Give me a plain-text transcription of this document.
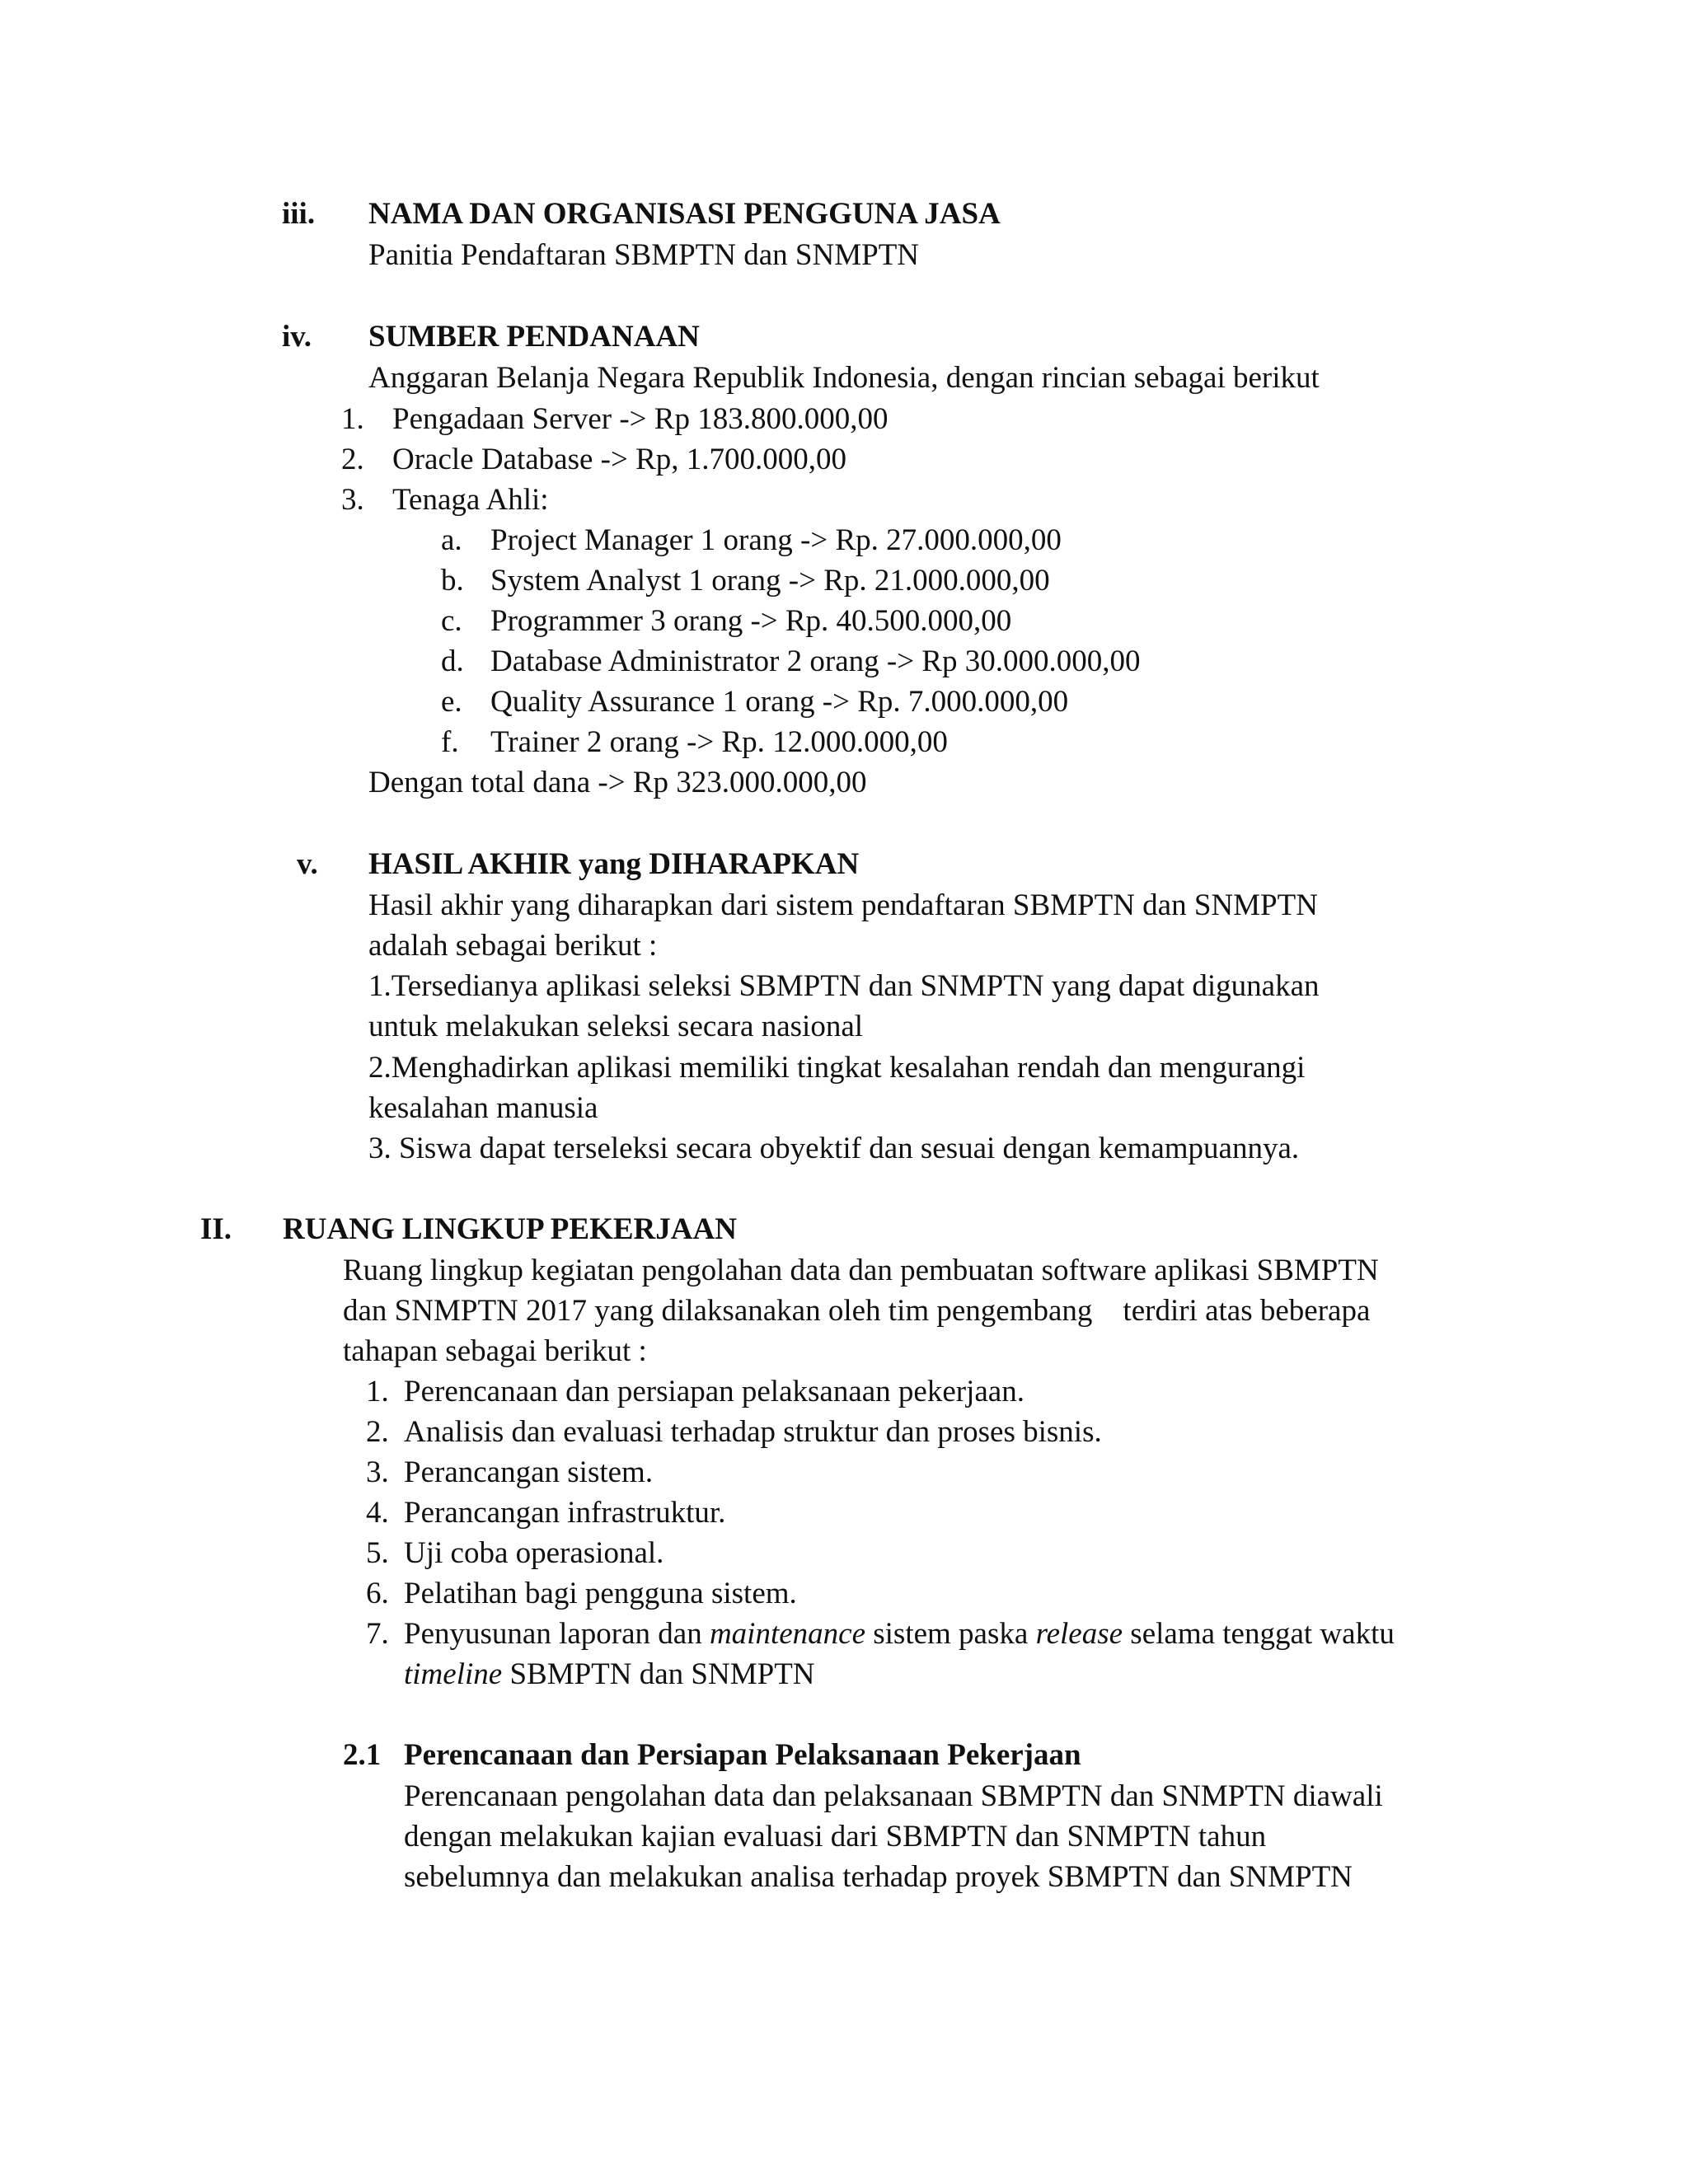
iii. NAMA DAN ORGANISASI PENGGUNA JASA
Panitia Pendaftaran SBMPTN dan SNMPTN
iv. SUMBER PENDANAAN
Anggaran Belanja Negara Republik Indonesia, dengan rincian sebagai berikut
1. Pengadaan Server -> Rp 183.800.000,00
2. Oracle Database -> Rp, 1.700.000,00
3. Tenaga Ahli:
a. Project Manager 1 orang -> Rp. 27.000.000,00
b. System Analyst 1 orang -> Rp. 21.000.000,00
c. Programmer 3 orang -> Rp. 40.500.000,00
d. Database Administrator 2 orang -> Rp 30.000.000,00
e. Quality Assurance 1 orang -> Rp. 7.000.000,00
f. Trainer 2 orang -> Rp. 12.000.000,00
Dengan total dana -> Rp 323.000.000,00
v. HASIL AKHIR yang DIHARAPKAN
Hasil akhir yang diharapkan dari sistem pendaftaran SBMPTN dan SNMPTN
adalah sebagai berikut :
1.Tersedianya aplikasi seleksi SBMPTN dan SNMPTN yang dapat digunakan
untuk melakukan seleksi secara nasional
2.Menghadirkan aplikasi memiliki tingkat kesalahan rendah dan mengurangi
kesalahan manusia
3. Siswa dapat terseleksi secara obyektif dan sesuai dengan kemampuannya.
II. RUANG LINGKUP PEKERJAAN
Ruang lingkup kegiatan pengolahan data dan pembuatan software aplikasi SBMPTN
dan SNMPTN 2017 yang dilaksanakan oleh tim pengembang    terdiri atas beberapa
tahapan sebagai berikut :
1. Perencanaan dan persiapan pelaksanaan pekerjaan.
2. Analisis dan evaluasi terhadap struktur dan proses bisnis.
3. Perancangan sistem.
4. Perancangan infrastruktur.
5. Uji coba operasional.
6. Pelatihan bagi pengguna sistem.
7. Penyusunan laporan dan maintenance sistem paska release selama tenggat waktu
timeline SBMPTN dan SNMPTN
2.1 Perencanaan dan Persiapan Pelaksanaan Pekerjaan
Perencanaan pengolahan data dan pelaksanaan SBMPTN dan SNMPTN diawali
dengan melakukan kajian evaluasi dari SBMPTN dan SNMPTN tahun
sebelumnya dan melakukan analisa terhadap proyek SBMPTN dan SNMPTN
